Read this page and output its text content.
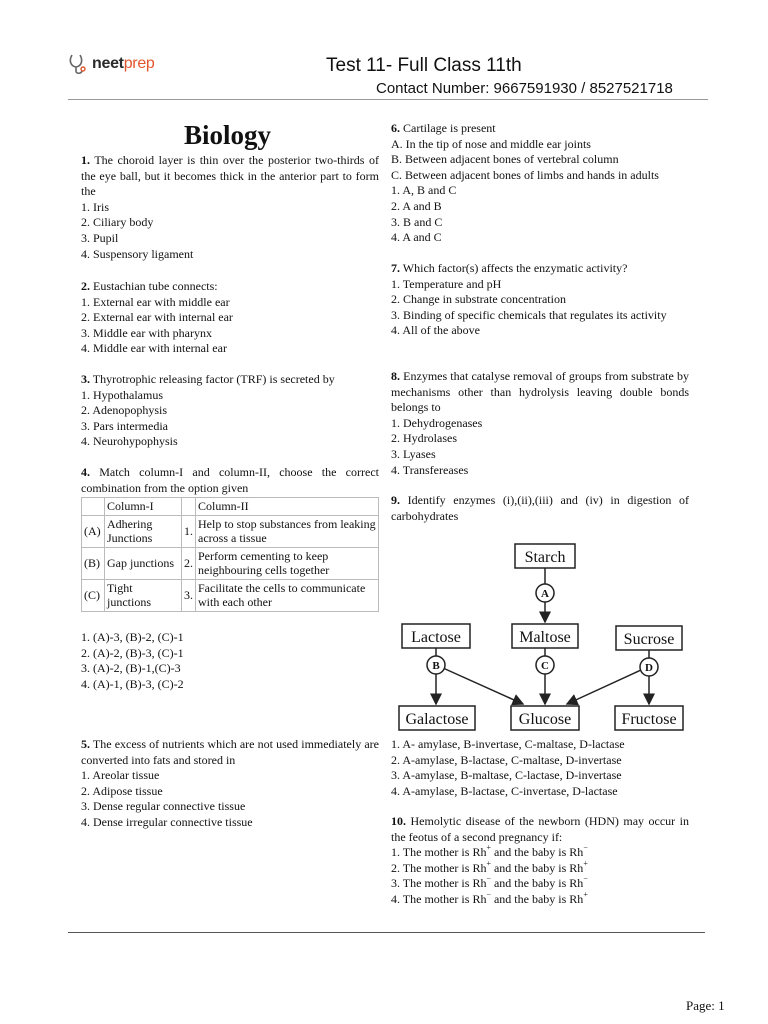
neetprep	Test 11- Full Class 11th
Contact Number: 9667591930 / 8527521718
Biology

1. The choroid layer is thin over the posterior two-thirds of the eye ball, but it becomes thick in the anterior part to form the

1. Iris

2. Ciliary body

3. Pupil

4. Suspensory ligament

2. Eustachian tube connects:

1. External ear with middle ear

2. External ear with internal ear

3. Middle ear with pharynx

4. Middle ear with internal ear

3. Thyrotrophic releasing factor (TRF) is secreted by

1. Hypothalamus

2. Adenopophysis

3. Pars intermedia

4. Neurohypophysis

4. Match column-I and column-II, choose the correct combination from the option given

	Column-I		Column-II
(A)	Adhering Junctions	1.	Help to stop substances from leaking across a tissue
(B)	Gap junctions	2.	Perform cementing to keep neighbouring cells together
(C)	Tight junctions	3.	Facilitate the cells to communicate with each other

1. (A)-3, (B)-2, (C)-1

2. (A)-2, (B)-3, (C)-1

3. (A)-2, (B)-1,(C)-3

4. (A)-1, (B)-3, (C)-2

5. The excess of nutrients which are not used immediately are converted into fats and stored in

1. Areolar tissue

2. Adipose tissue

3. Dense regular connective tissue

4. Dense irregular connective tissue

6. Cartilage is present

A. In the tip of nose and middle ear joints

B. Between adjacent bones of vertebral column

C. Between adjacent bones of limbs and hands in adults

1. A, B and C

2. A and B

3. B and C

4. A and C

7. Which factor(s) affects the enzymatic activity?

1. Temperature and pH

2. Change in substrate concentration

3. Binding of specific chemicals that regulates its activity

4. All of the above

8. Enzymes that catalyse removal of groups from substrate by mechanisms other than hydrolysis leaving double bonds belongs to

1. Dehydrogenases

2. Hydrolases

3. Lyases

4. Transfereases

9. Identify enzymes (i),(ii),(iii) and (iv) in digestion of carbohydrates

Starch
Lactose	Maltose	Sucrose
Galactose	Glucose	Fructose
A
B	C	D

1. A- amylase, B-invertase, C-maltase, D-lactase

2. A-amylase, B-lactase, C-maltase, D-invertase

3. A-amylase, B-maltase, C-lactase, D-invertase

4. A-amylase, B-lactase, C-invertase, D-lactase

10. Hemolytic disease of the newborn (HDN) may occur in the feotus of a second pregnancy if:

1. The mother is Rh+ and the baby is Rh−

2. The mother is Rh+ and the baby is Rh+

3. The mother is Rh− and the baby is Rh−

4. The mother is Rh− and the baby is Rh+

Page: 1
